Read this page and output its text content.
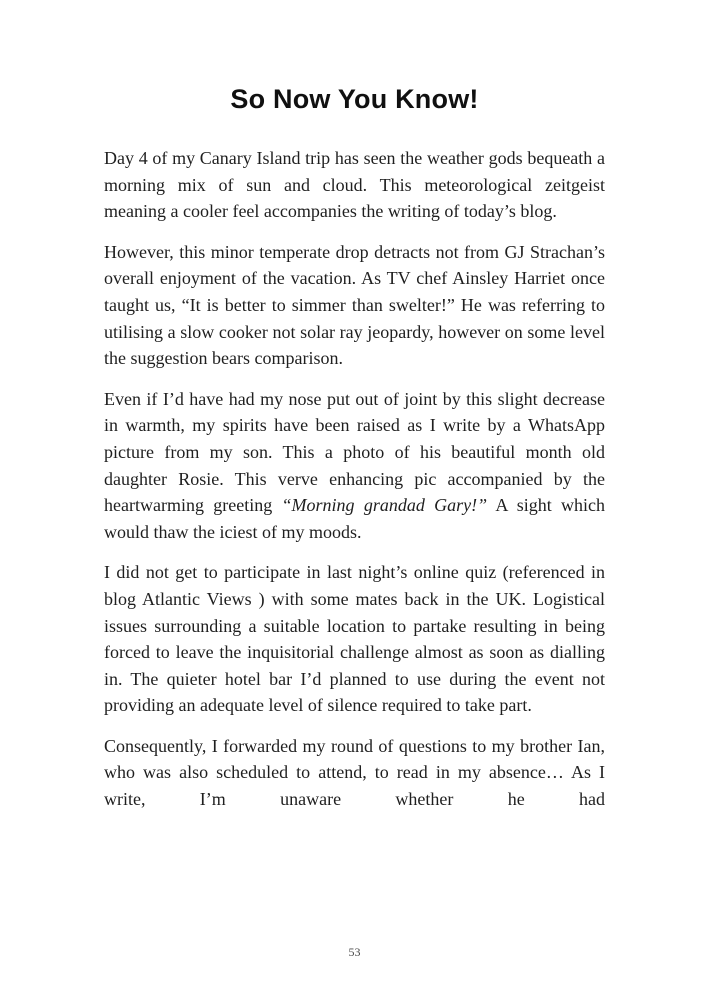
So Now You Know!

Day 4 of my Canary Island trip has seen the weather gods bequeath a morning mix of sun and cloud. This meteorological zeitgeist meaning a cooler feel accompanies the writing of today’s blog.

However, this minor temperate drop detracts not from GJ Strachan’s overall enjoyment of the vacation. As TV chef Ainsley Harriet once taught us, “It is better to simmer than swelter!” He was referring to utilising a slow cooker not solar ray jeopardy, however on some level the suggestion bears comparison.

Even if I’d have had my nose put out of joint by this slight decrease in warmth, my spirits have been raised as I write by a WhatsApp picture from my son. This a photo of his beautiful month old daughter Rosie. This verve enhancing pic accompanied by the heartwarming greeting “Morning grandad Gary!” A sight which would thaw the iciest of my moods.

I did not get to participate in last night’s online quiz (referenced in blog Atlantic Views ) with some mates back in the UK. Logistical issues surrounding a suitable location to partake resulting in being forced to leave the inquisitorial challenge almost as soon as dialling in. The quieter hotel bar I’d planned to use during the event not providing an adequate level of silence required to take part.

Consequently, I forwarded my round of questions to my brother Ian, who was also scheduled to attend, to read in my absence… As I write, I’m unaware whether he had

53
